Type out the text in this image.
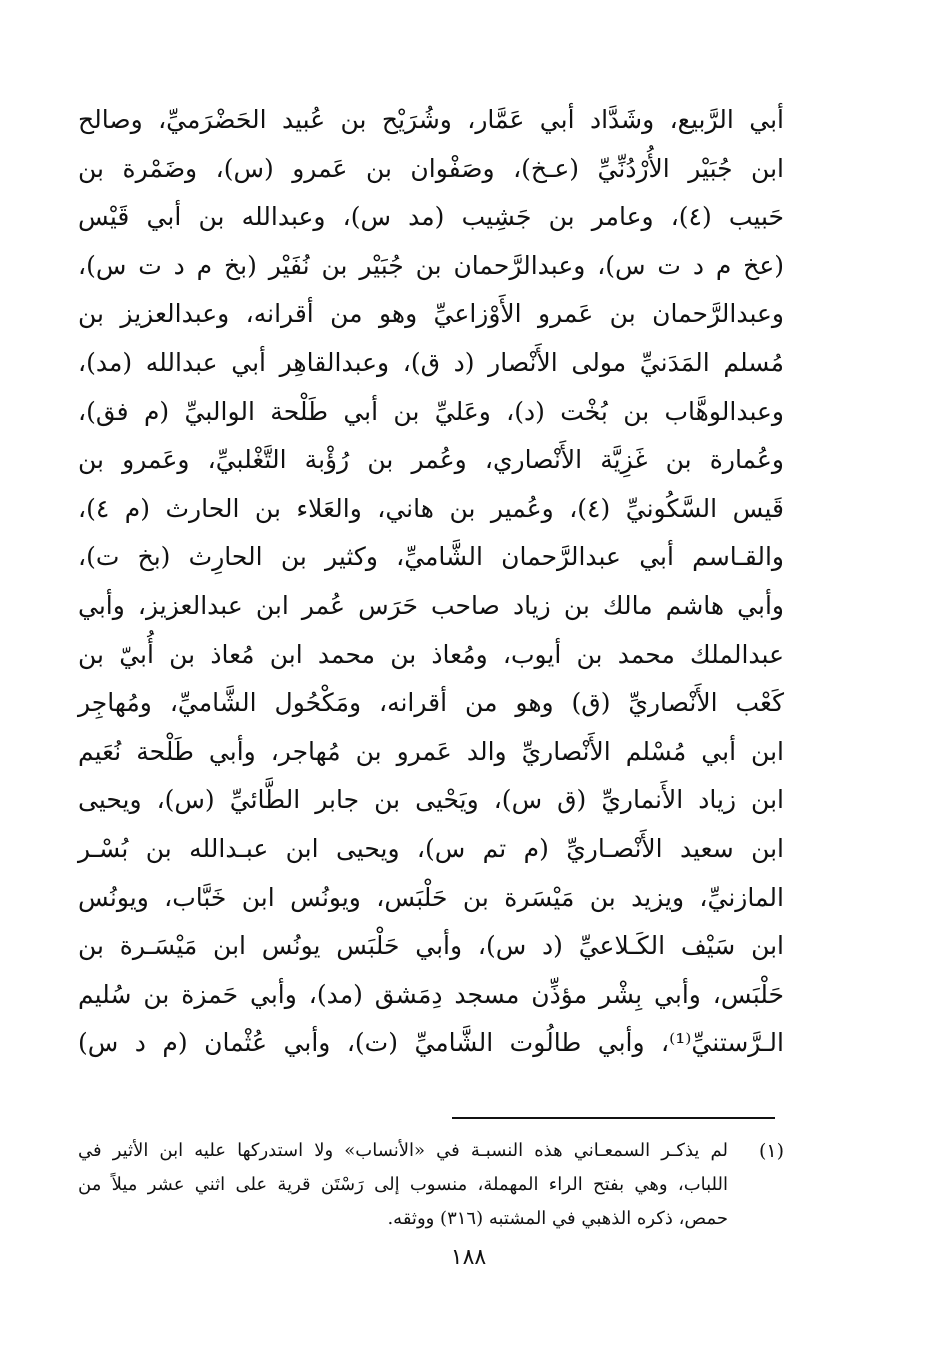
أبي الرَّبيع، وشَدَّاد أبي عَمَّار، وشُرَيْح بن عُبيد الحَضْرَميِّ، وصالح
ابن جُبَيْر الأُرْدُنِّيِّ (عـخ)، وصَفْوان بن عَمرو (س)، وضَمْرة بن
حَبيب (٤)، وعامر بن جَشِيب (مد س)، وعبدالله بن أبي قَيْس
(عخ م د ت س)، وعبدالرَّحمان بن جُبَيْر بن نُفَيْر (بخ م د ت س)،
وعبدالرَّحمان بن عَمرو الأَوْزاعيِّ وهو من أقرانه، وعبدالعزيز بن
مُسلم المَدَنيِّ مولى الأَنْصار (د ق)، وعبدالقاهِر أبي عبدالله (مد)،
وعبدالوهَّاب بن بُخْت (د)، وعَليِّ بن أبي طَلْحة الوالبيِّ (م فق)،
وعُمارة بن غَزِيَّة الأَنْصاري، وعُمر بن رُؤْبة التَّغْلبيِّ، وعَمرو بن
قَيس السَّكُونيِّ (٤)، وعُمير بن هاني، والعَلاء بن الحارث (م ٤)،
والقـاسم أبي عبدالرَّحمان الشَّاميِّ، وكثير بن الحارِث (بخ ت)،
وأبي هاشم مالك بن زياد صاحب حَرَس عُمر ابن عبدالعزيز، وأبي
عبدالملك محمد بن أيوب، ومُعاذ بن محمد ابن مُعاذ بن أُبيّ بن
كَعْب الأَنْصاريِّ (ق) وهو من أقرانه، ومَكْحُول الشَّاميِّ، ومُهاجِر
ابن أبي مُسْلم الأَنْصاريِّ والد عَمرو بن مُهاجر، وأبي طَلْحة نُعَيم
ابن زياد الأَنماريِّ (ق س)، ويَحْيى بن جابر الطَّائيِّ (س)، ويحيى
ابن سعيد الأَنْصـاريِّ (م تم س)، ويحيى ابن عبـدالله بن بُسْـر
المازنيِّ، ويزيد بن مَيْسَرة بن حَلْبَس، ويونُس ابن خَبَّاب، ويونُس
ابن سَيْف الكَـلاعيِّ (د س)، وأبي حَلْبَس يونُس ابن مَيْسَـرة بن
حَلْبَس، وأبي بِشْر مؤذِّن مسجد دِمَشق (مد)، وأبي حَمزة بن سُليم
الـرَّستنيِّ⁽¹⁾، وأبي طالُوت الشَّاميِّ (ت)، وأبي عُثْمان (م د س)
(١)
لم يذكـر السمعـاني هذه النسبـة في «الأنساب» ولا استدركها عليه ابن الأثير في
اللباب، وهي بفتح الراء المهملة، منسوب إلى رَسْتَن قرية على اثني عشر ميلاً من
حمص، ذكره الذهبي في المشتبه (٣١٦) ووثقه.
١٨٨
